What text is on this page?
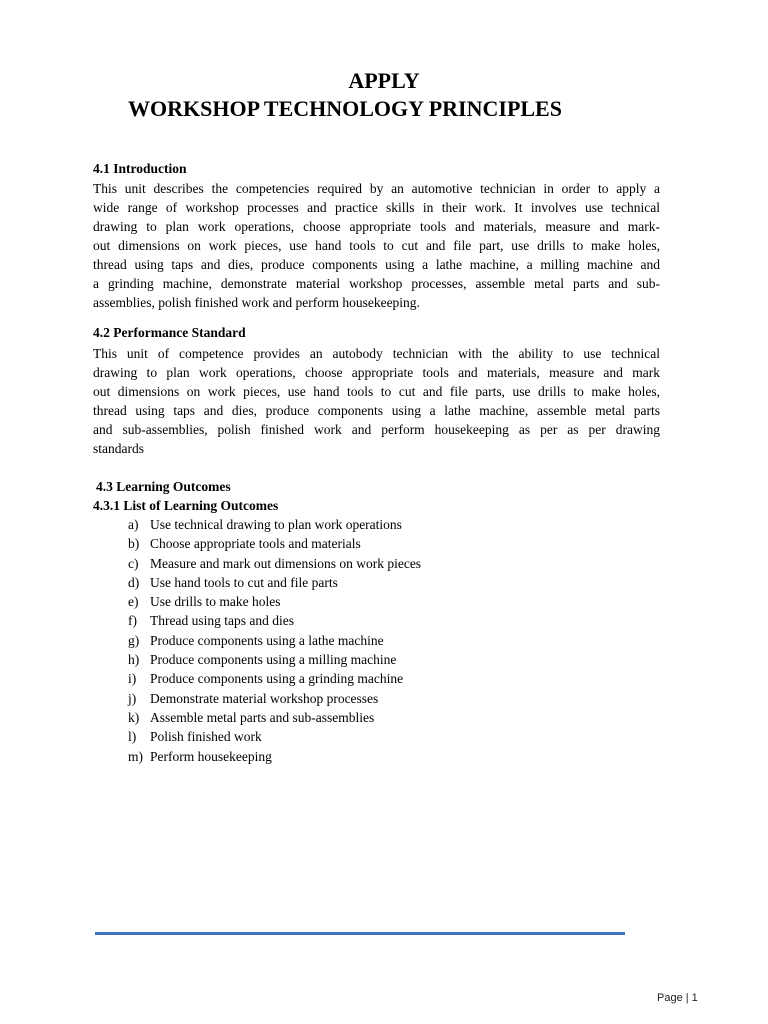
APPLY
WORKSHOP TECHNOLOGY PRINCIPLES
4.1 Introduction
This unit describes the competencies required by an automotive technician in order to apply a
wide range of workshop processes and practice skills in their work. It involves use technical
drawing to plan work operations, choose appropriate tools and materials, measure and mark-
out dimensions on work pieces, use hand tools to cut and file part, use drills to make holes,
thread using taps and dies, produce components using a lathe machine, a milling machine and
a grinding machine, demonstrate material workshop processes, assemble metal parts and sub-
assemblies, polish finished work and perform housekeeping.
4.2 Performance Standard
This unit of competence provides an autobody technician with the ability to use technical
drawing to plan work operations, choose appropriate tools and materials, measure and mark
out dimensions on work pieces, use hand tools to cut and file parts, use drills to make holes,
thread using taps and dies, produce components using a lathe machine, assemble metal parts
and sub-assemblies, polish finished work and perform housekeeping as per as per drawing
standards
4.3 Learning Outcomes
4.3.1 List of Learning Outcomes
a) Use technical drawing to plan work operations
b) Choose appropriate tools and materials
c) Measure and mark out dimensions on work pieces
d) Use hand tools to cut and file parts
e) Use drills to make holes
f) Thread using taps and dies
g) Produce components using a lathe machine
h) Produce components using a milling machine
i) Produce components using a grinding machine
j) Demonstrate material workshop processes
k) Assemble metal parts and sub-assemblies
l) Polish finished work
m) Perform housekeeping
Page | 1
